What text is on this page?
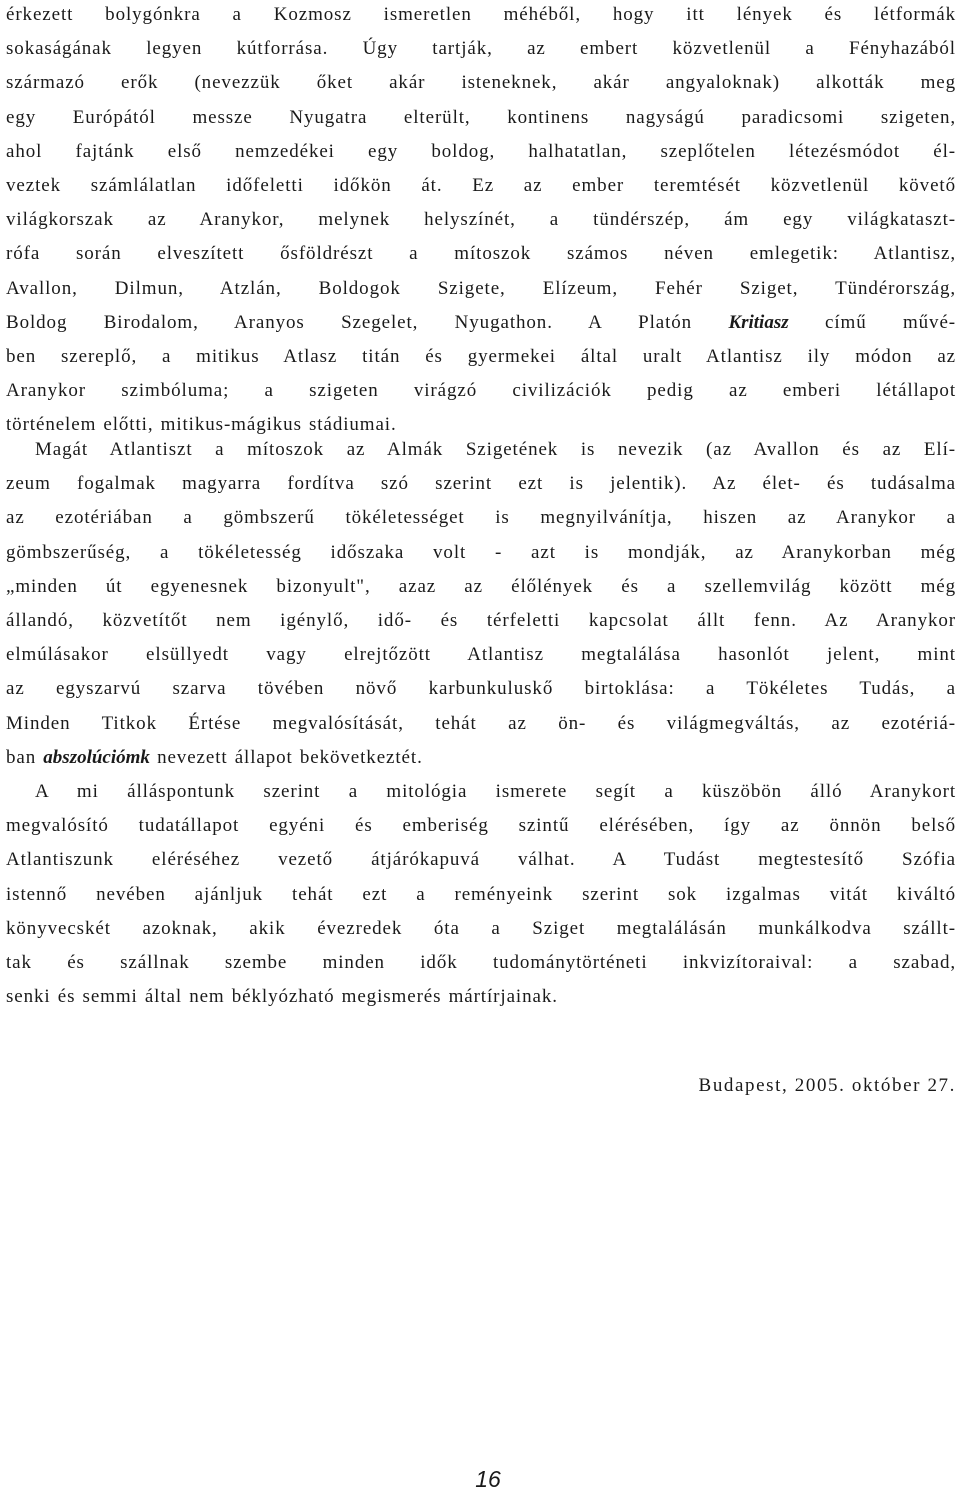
érkezett bolygónkra a Kozmosz ismeretlen méhéből, hogy itt lények és létformák
sokaságának legyen kútforrása. Úgy tartják, az embert közvetlenül a Fényhazából
származó erők (nevezzük őket akár isteneknek, akár angyaloknak) alkották meg
egy Európától messze Nyugatra elterült, kontinens nagyságú paradicsomi szigeten,
ahol fajtánk első nemzedékei egy boldog, halhatatlan, szeplőtelen létezésmódot él-
veztek számlálatlan időfeletti időkön át. Ez az ember teremtését közvetlenül követő
világkorszak az Aranykor, melynek helyszínét, a tündérszép, ám egy világkataszt-
rófa során elveszített ősföldrészt a mítoszok számos néven emlegetik: Atlantisz,
Avallon, Dilmun, Atzlán, Boldogok Szigete, Elízeum, Fehér Sziget, Tündérország,
Boldog Birodalom, Aranyos Szegelet, Nyugathon. A Platón Kritiasz című művé-
ben szereplő, a mitikus Atlasz titán és gyermekei által uralt Atlantisz ily módon az
Aranykor szimbóluma; a szigeten virágzó civilizációk pedig az emberi létállapot
történelem előtti, mitikus-mágikus stádiumai.
Magát Atlantiszt a mítoszok az Almák Szigetének is nevezik (az Avallon és az Elí-
zeum fogalmak magyarra fordítva szó szerint ezt is jelentik). Az élet- és tudásalma
az ezotériában a gömbszerű tökéletességet is megnyilvánítja, hiszen az Aranykor a
gömbszerűség, a tökéletesség időszaka volt - azt is mondják, az Aranykorban még
„minden út egyenesnek bizonyult", azaz az élőlények és a szellemvilág között még
állandó, közvetítőt nem igénylő, idő- és térfeletti kapcsolat állt fenn. Az Aranykor
elmúlásakor elsüllyedt vagy elrejtőzött Atlantisz megtalálása hasonlót jelent, mint
az egyszarvú szarva tövében növő karbunkuluskő birtoklása: a Tökéletes Tudás, a
Minden Titkok Értése megvalósítását, tehát az ön- és világmegváltás, az ezotériá-
ban abszolúciómk nevezett állapot bekövetkeztét.
A mi álláspontunk szerint a mitológia ismerete segít a küszöbön álló Aranykort
megvalósító tudatállapot egyéni és emberiség szintű elérésében, így az önnön belső
Atlantiszunk eléréséhez vezető átjárókapuvá válhat. A Tudást megtestesítő Szófia
istennő nevében ajánljuk tehát ezt a reményeink szerint sok izgalmas vitát kiváltó
könyvecskét azoknak, akik évezredek óta a Sziget megtalálásán munkálkodva szállt-
tak és szállnak szembe minden idők tudománytörténeti inkvizítoraival: a szabad,
senki és semmi által nem béklyózható megismerés mártírjainak.

Budapest, 2005. október 27.

16
